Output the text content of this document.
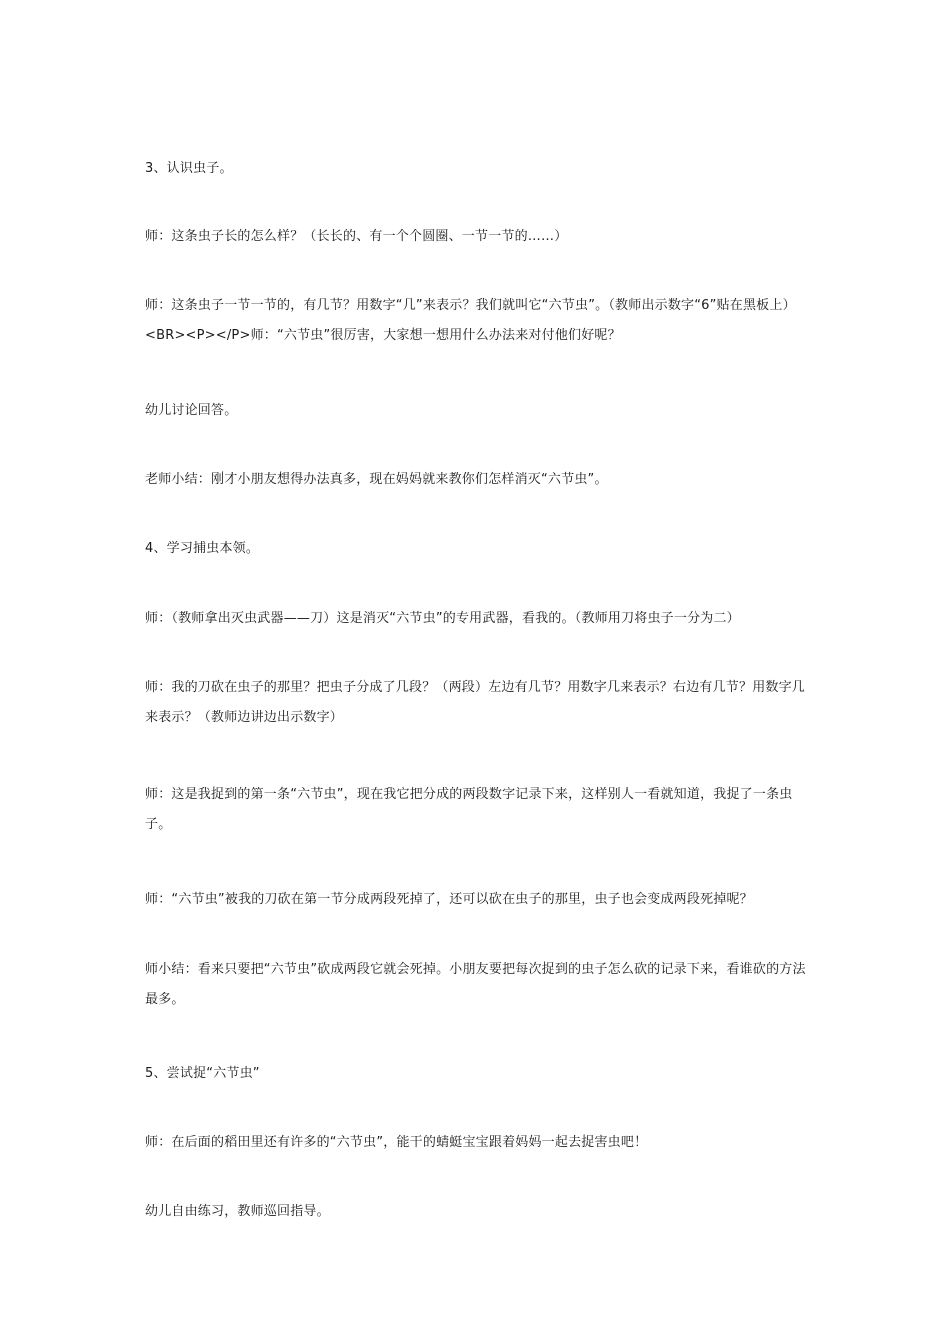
3、认识虫子。

师：这条虫子长的怎么样？（长长的、有一个个圆圈、一节一节的……）

师：这条虫子一节一节的，有几节？用数字“几”来表示？我们就叫它“六节虫”。（教师出示数字“6”贴在黑板上）　　<BR><P></P>师：“六节虫”很厉害，大家想一想用什么办法来对付他们好呢？

幼儿讨论回答。

老师小结：刚才小朋友想得办法真多，现在妈妈就来教你们怎样消灭“六节虫”。

4、学习捕虫本领。

师：（教师拿出灭虫武器——刀）这是消灭“六节虫”的专用武器，看我的。（教师用刀将虫子一分为二）

师：我的刀砍在虫子的那里？把虫子分成了几段？（两段）左边有几节？用数字几来表示？右边有几节？用数字几来表示？（教师边讲边出示数字）

师：这是我捉到的第一条“六节虫”，现在我它把分成的两段数字记录下来，这样别人一看就知道，我捉了一条虫子。

师：“六节虫”被我的刀砍在第一节分成两段死掉了，还可以砍在虫子的那里，虫子也会变成两段死掉呢？

师小结：看来只要把“六节虫”砍成两段它就会死掉。小朋友要把每次捉到的虫子怎么砍的记录下来，看谁砍的方法最多。

5、尝试捉“六节虫”

师：在后面的稻田里还有许多的“六节虫”，能干的蜻蜓宝宝跟着妈妈一起去捉害虫吧！

幼儿自由练习，教师巡回指导。
